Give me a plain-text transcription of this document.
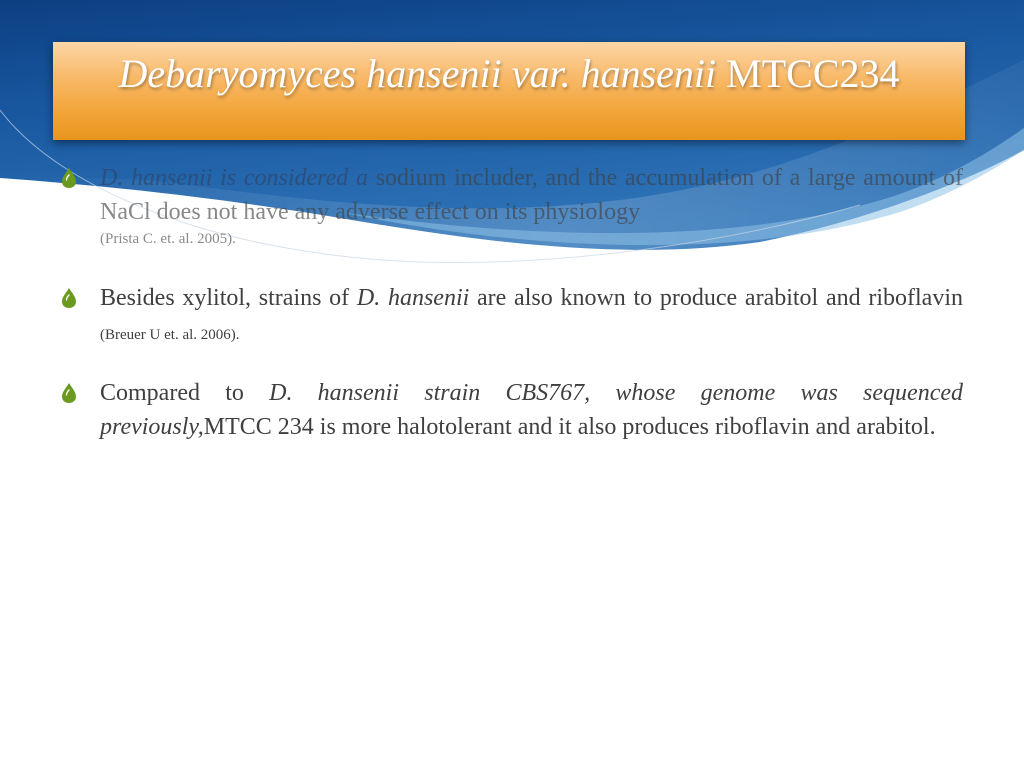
Debaryomyces hansenii var. hansenii MTCC234
D. hansenii is considered a sodium includer, and the accumulation of a large amount of NaCl does not have any adverse effect on its physiology
(Prista C. et. al. 2005).
Besides xylitol, strains of D. hansenii are also known to produce arabitol and riboflavin (Breuer U et. al. 2006).
Compared to D. hansenii strain CBS767, whose genome was sequenced previously,MTCC 234 is more halotolerant and it also produces riboflavin and arabitol.
